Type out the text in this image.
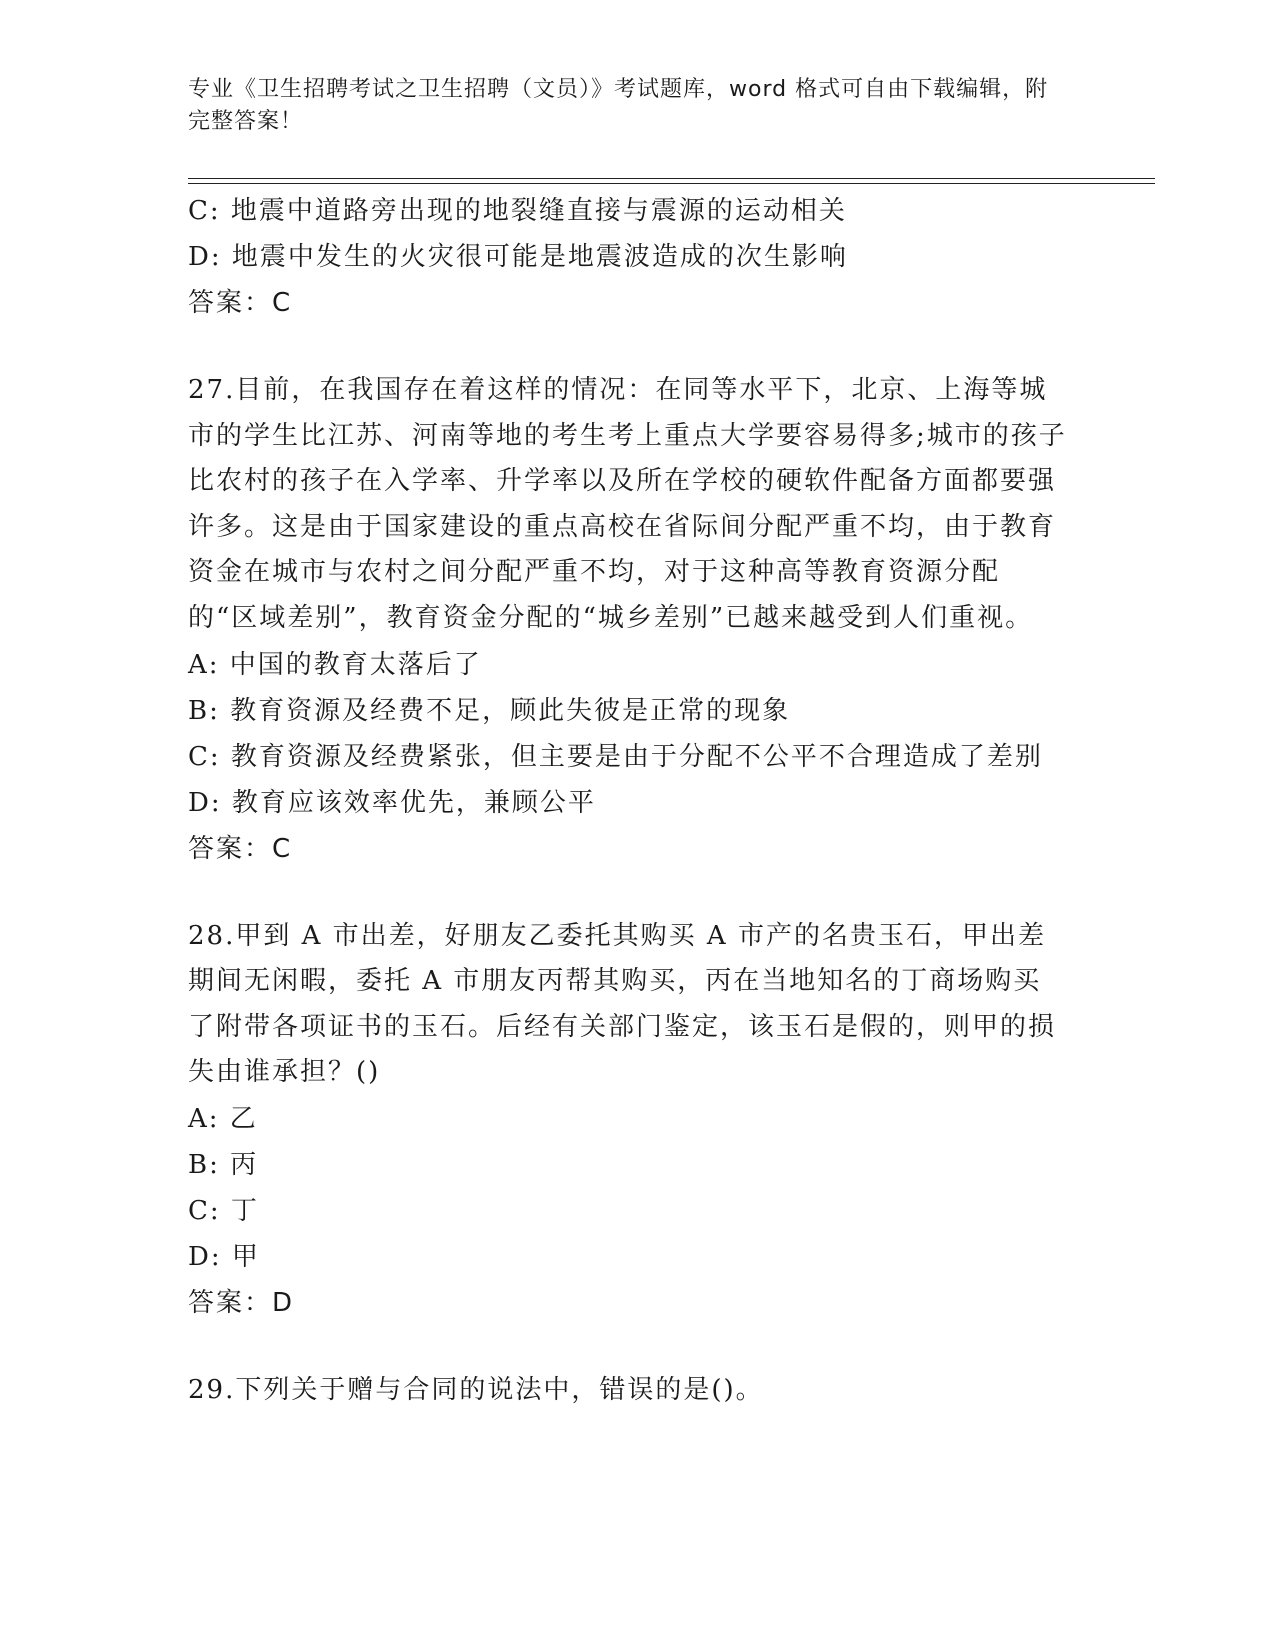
专业《卫生招聘考试之卫生招聘（文员）》考试题库，word 格式可自由下载编辑，附完整答案！
C: 地震中道路旁出现的地裂缝直接与震源的运动相关
D: 地震中发生的火灾很可能是地震波造成的次生影响
答案：C
27.目前，在我国存在着这样的情况：在同等水平下，北京、上海等城市的学生比江苏、河南等地的考生考上重点大学要容易得多;城市的孩子比农村的孩子在入学率、升学率以及所在学校的硬软件配备方面都要强许多。这是由于国家建设的重点高校在省际间分配严重不均，由于教育资金在城市与农村之间分配严重不均，对于这种高等教育资源分配的“区域差别”，教育资金分配的“城乡差别”已越来越受到人们重视。
A: 中国的教育太落后了
B: 教育资源及经费不足，顾此失彼是正常的现象
C: 教育资源及经费紧张，但主要是由于分配不公平不合理造成了差别
D: 教育应该效率优先，兼顾公平
答案：C
28.甲到 A 市出差，好朋友乙委托其购买 A 市产的名贵玉石，甲出差期间无闲暇，委托 A 市朋友丙帮其购买，丙在当地知名的丁商场购买了附带各项证书的玉石。后经有关部门鉴定，该玉石是假的，则甲的损失由谁承担？()
A: 乙
B: 丙
C: 丁
D: 甲
答案：D
29.下列关于赠与合同的说法中，错误的是()。
